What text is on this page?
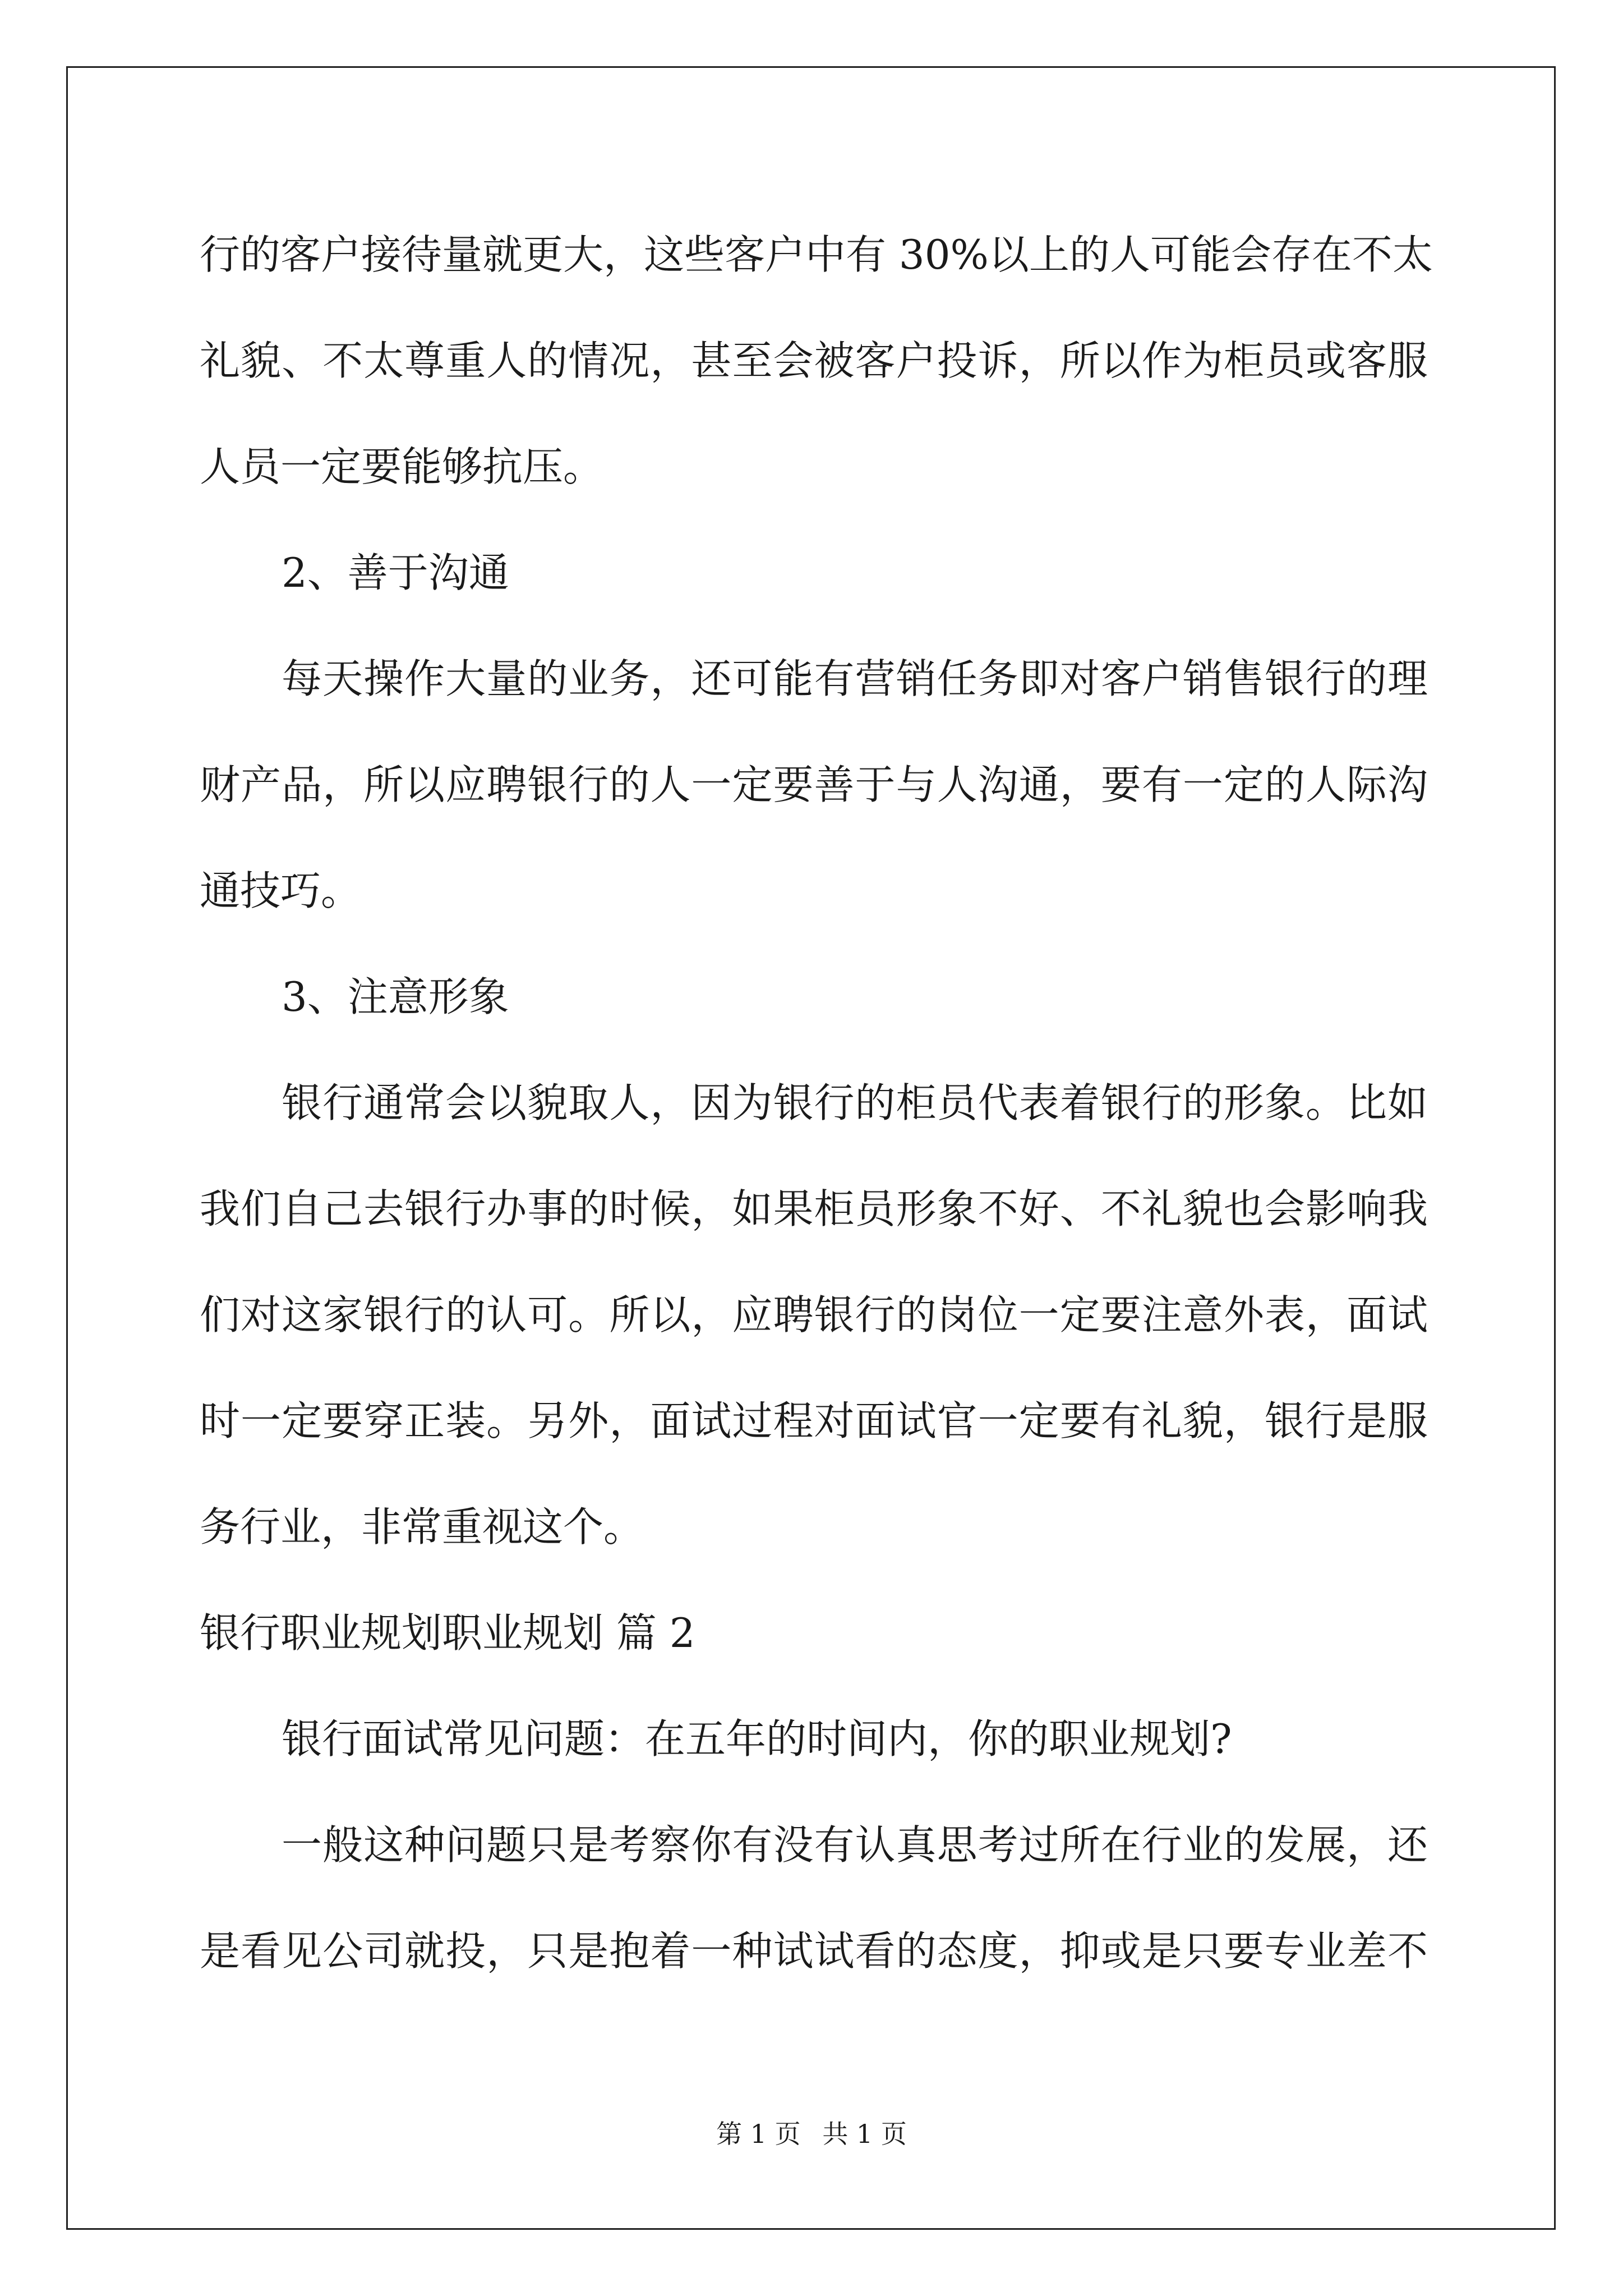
行的客户接待量就更大，这些客户中有 30%以上的人可能会存在不太
礼貌、不太尊重人的情况，甚至会被客户投诉，所以作为柜员或客服
人员一定要能够抗压。
2、善于沟通
每天操作大量的业务，还可能有营销任务即对客户销售银行的理
财产品，所以应聘银行的人一定要善于与人沟通，要有一定的人际沟
通技巧。
3、注意形象
银行通常会以貌取人，因为银行的柜员代表着银行的形象。比如
我们自己去银行办事的时候，如果柜员形象不好、不礼貌也会影响我
们对这家银行的认可。所以，应聘银行的岗位一定要注意外表，面试
时一定要穿正装。另外，面试过程对面试官一定要有礼貌，银行是服
务行业，非常重视这个。
银行职业规划职业规划 篇 2
银行面试常见问题：在五年的时间内，你的职业规划?
一般这种问题只是考察你有没有认真思考过所在行业的发展，还
是看见公司就投，只是抱着一种试试看的态度，抑或是只要专业差不
第 1 页 共 1 页
